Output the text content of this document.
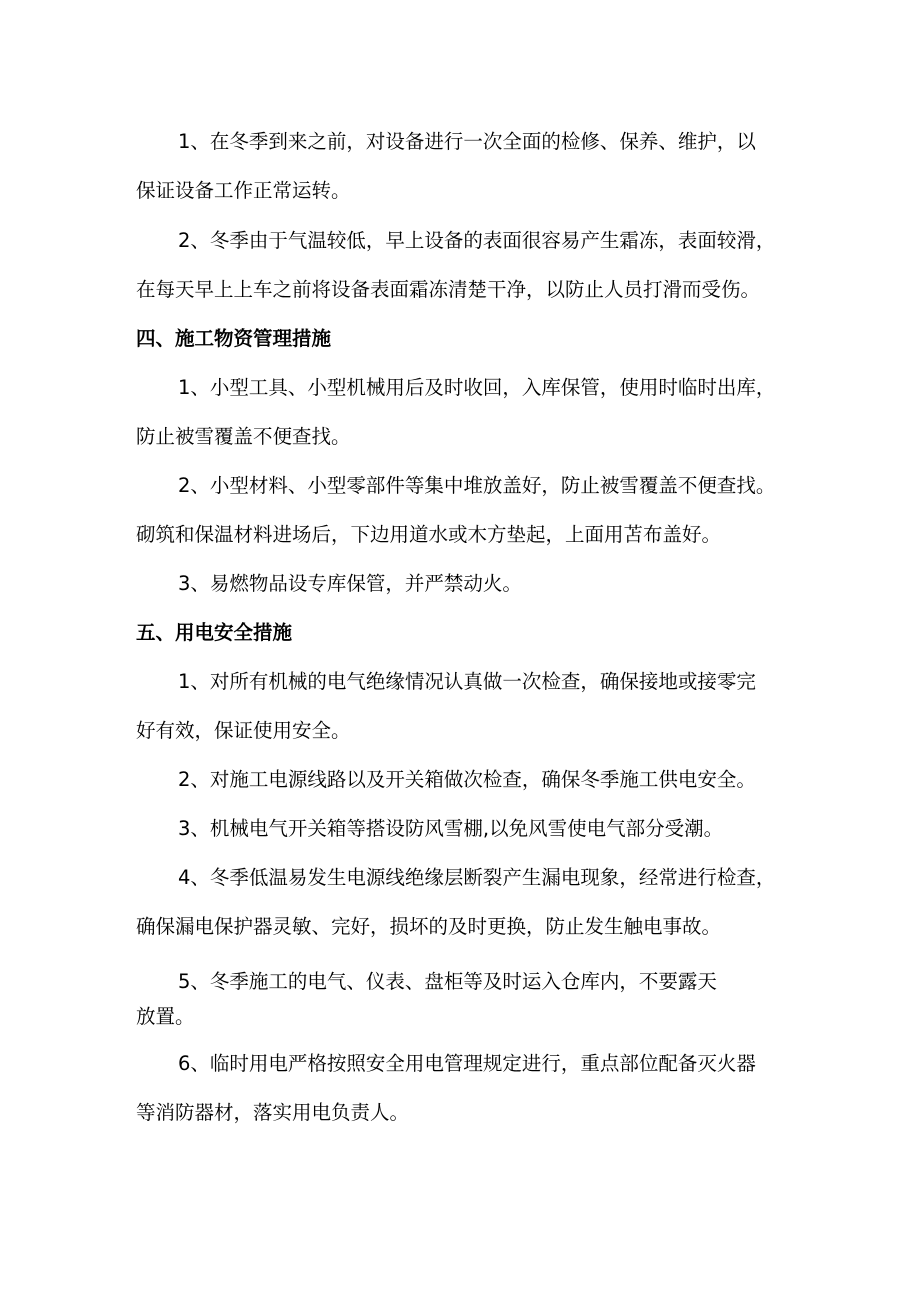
1、在冬季到来之前，对设备进行一次全面的检修、保养、维护，以
保证设备工作正常运转。
2、冬季由于气温较低，早上设备的表面很容易产生霜冻，表面较滑，
在每天早上上车之前将设备表面霜冻清楚干净，以防止人员打滑而受伤。
四、施工物资管理措施
1、小型工具、小型机械用后及时收回，入库保管，使用时临时出库，
防止被雪覆盖不便查找。
2、小型材料、小型零部件等集中堆放盖好，防止被雪覆盖不便查找。
砌筑和保温材料进场后，下边用道水或木方垫起，上面用苫布盖好。
3、易燃物品设专库保管，并严禁动火。
五、用电安全措施
1、对所有机械的电气绝缘情况认真做一次检查，确保接地或接零完
好有效，保证使用安全。
2、对施工电源线路以及开关箱做次检查，确保冬季施工供电安全。
3、机械电气开关箱等搭设防风雪棚,以免风雪使电气部分受潮。
4、冬季低温易发生电源线绝缘层断裂产生漏电现象，经常进行检查，
确保漏电保护器灵敏、完好，损坏的及时更换，防止发生触电事故。
5、冬季施工的电气、仪表、盘柜等及时运入仓库内，不要露天
放置。
6、临时用电严格按照安全用电管理规定进行，重点部位配备灭火器
等消防器材，落实用电负责人。
